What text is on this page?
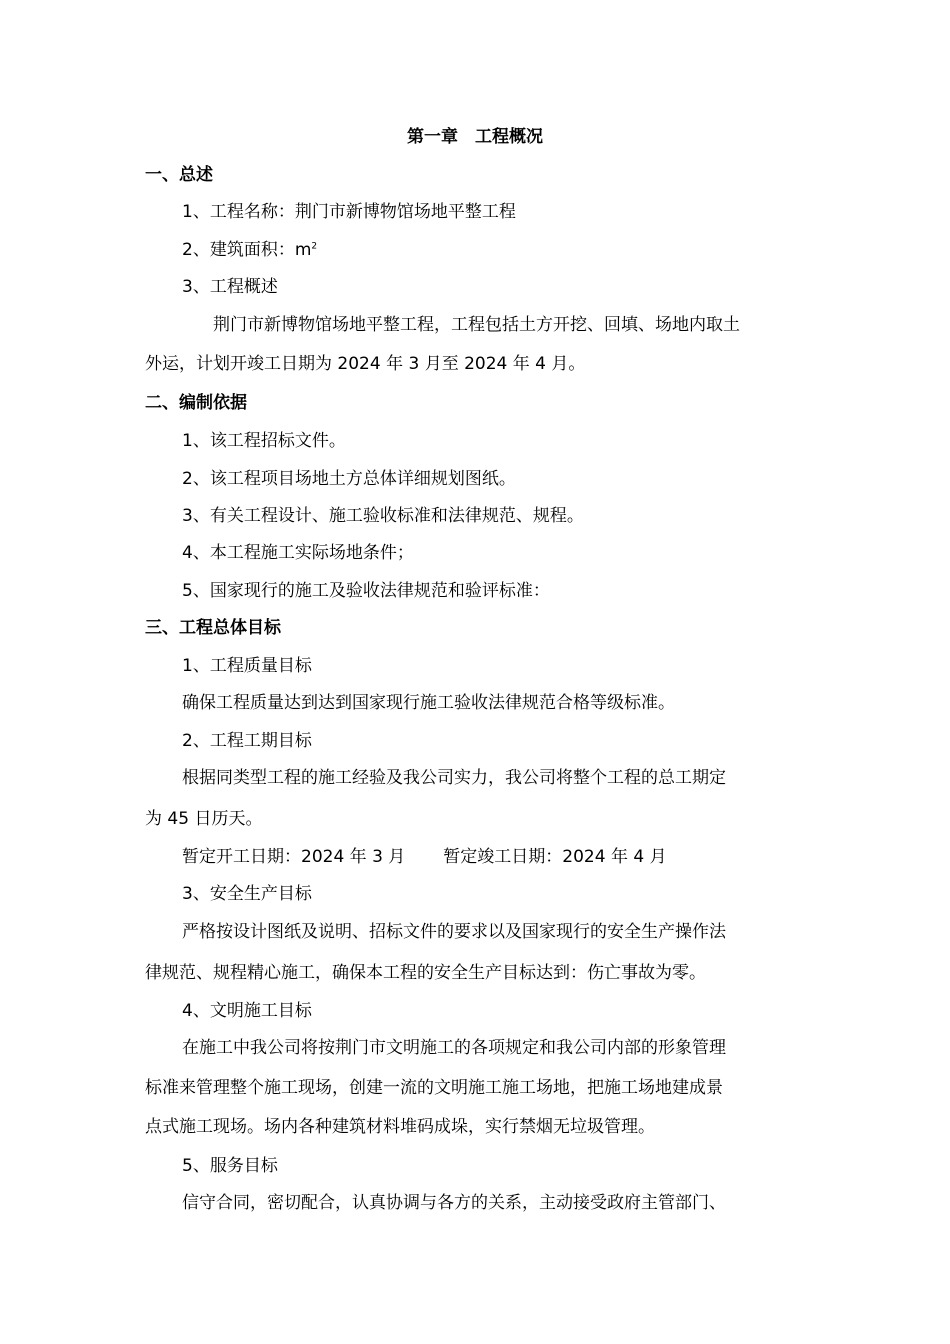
第一章　工程概况
一、总述
1、工程名称：荆门市新博物馆场地平整工程
2、建筑面积：$m^2$
3、工程概述
荆门市新博物馆场地平整工程，工程包括土方开挖、回填、场地内取土
外运，计划开竣工日期为 2024 年 3 月至 2024 年 4 月。
二、编制依据
1、该工程招标文件。
2、该工程项目场地土方总体详细规划图纸。
3、有关工程设计、施工验收标准和法律规范、规程。
4、本工程施工实际场地条件；
5、国家现行的施工及验收法律规范和验评标准：
三、工程总体目标
1、工程质量目标
确保工程质量达到达到国家现行施工验收法律规范合格等级标准。
2、工程工期目标
根据同类型工程的施工经验及我公司实力，我公司将整个工程的总工期定
为 45 日历天。
暂定开工日期：2024 年 3 月 暂定竣工日期：2024 年 4 月
3、安全生产目标
严格按设计图纸及说明、招标文件的要求以及国家现行的安全生产操作法
律规范、规程精心施工，确保本工程的安全生产目标达到：伤亡事故为零。
4、文明施工目标
在施工中我公司将按荆门市文明施工的各项规定和我公司内部的形象管理
标准来管理整个施工现场，创建一流的文明施工施工场地，把施工场地建成景
点式施工现场。场内各种建筑材料堆码成垛，实行禁烟无垃圾管理。
5、服务目标
信守合同，密切配合，认真协调与各方的关系，主动接受政府主管部门、
